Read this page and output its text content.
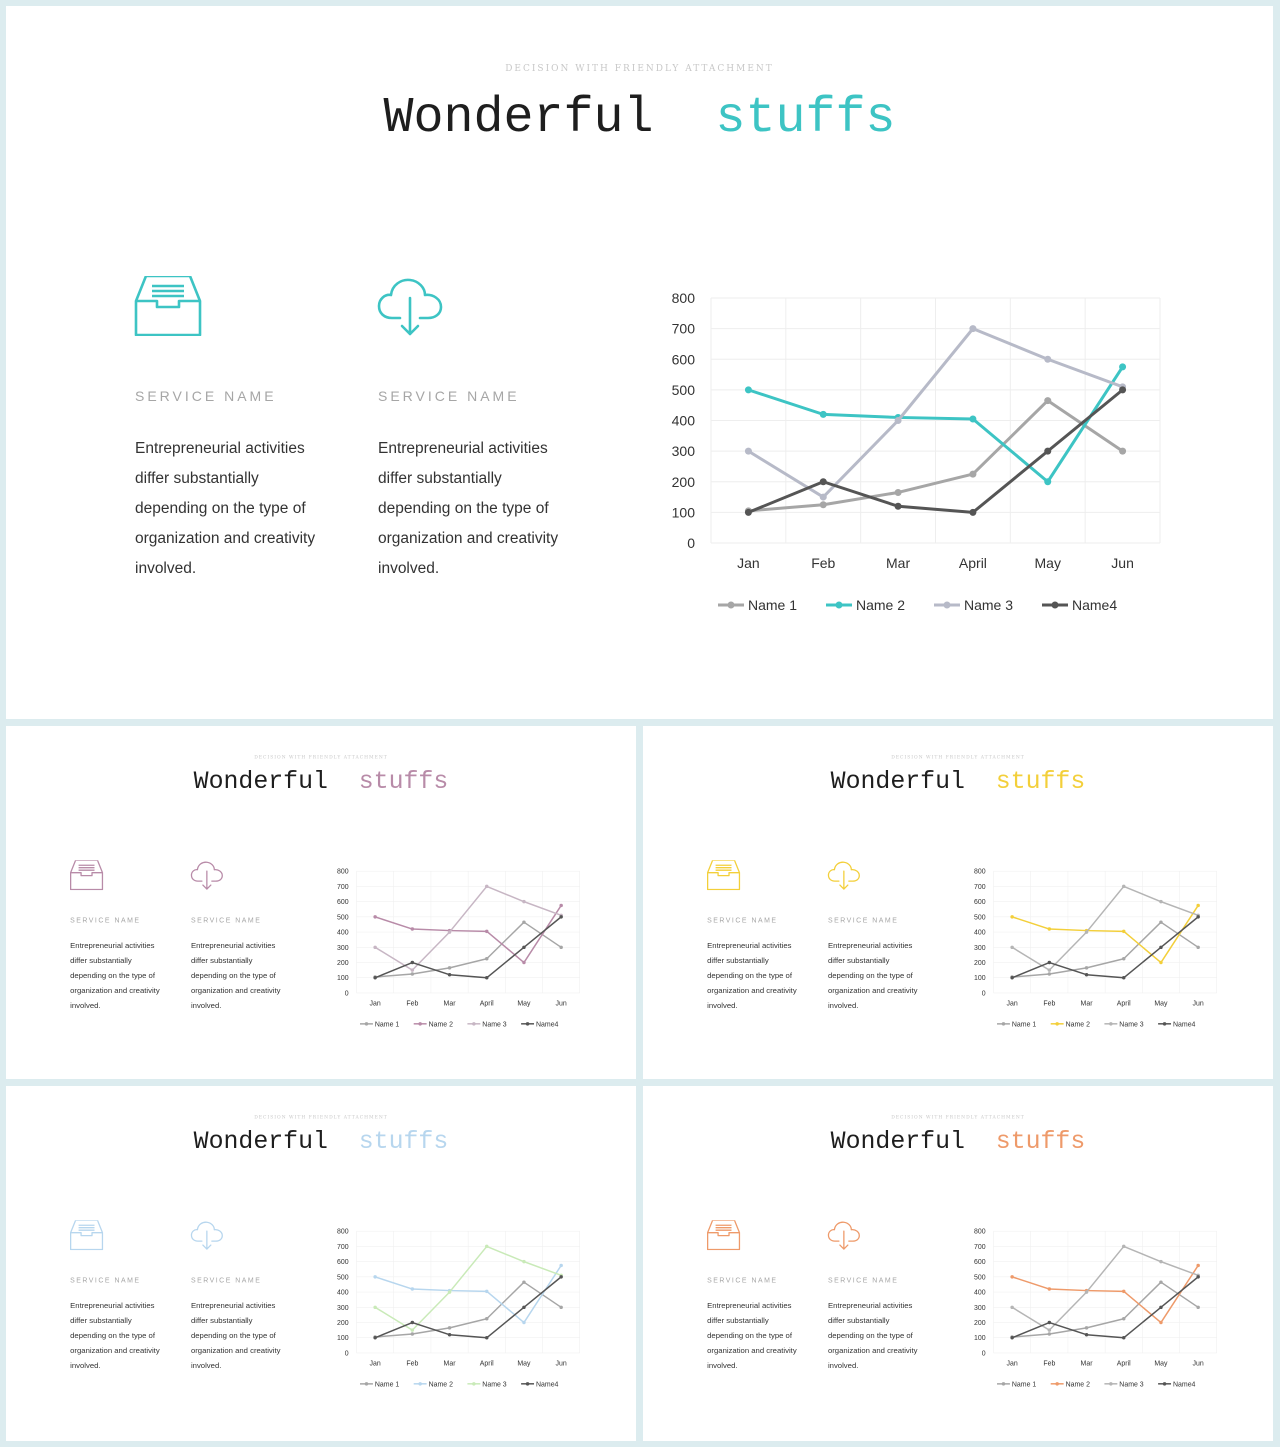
DECISION WITH FRIENDLY ATTACHMENT
Wonderful stuffs
SERVICE NAME
Entrepreneurial activities differ substantially depending on the type of organization and creativity involved.
SERVICE NAME
Entrepreneurial activities differ substantially depending on the type of organization and creativity involved.
0
100
200
300
400
500
600
700
800
Jan	Feb	Mar	April	May	Jun
Name 1	Name 2	Name 3	Name4
DECISION WITH FRIENDLY ATTACHMENT
Wonderful stuffs
SERVICE NAME
Entrepreneurial activities differ substantially depending on the type of organization and creativity involved.
SERVICE NAME
Entrepreneurial activities differ substantially depending on the type of organization and creativity involved.
0
100
200
300
400
500
600
700
800
Jan Feb Mar April May Jun
Name 1 Name 2 Name 3 Name4
DECISION WITH FRIENDLY ATTACHMENT
Wonderful stuffs
SERVICE NAME
Entrepreneurial activities differ substantially depending on the type of organization and creativity involved.
SERVICE NAME
Entrepreneurial activities differ substantially depending on the type of organization and creativity involved.
0
100
200
300
400
500
600
700
800
Jan Feb Mar April May Jun
Name 1 Name 2 Name 3 Name4
DECISION WITH FRIENDLY ATTACHMENT
Wonderful stuffs
SERVICE NAME
Entrepreneurial activities differ substantially depending on the type of organization and creativity involved.
SERVICE NAME
Entrepreneurial activities differ substantially depending on the type of organization and creativity involved.
0
100
200
300
400
500
600
700
800
Jan Feb Mar April May Jun
Name 1 Name 2 Name 3 Name4
DECISION WITH FRIENDLY ATTACHMENT
Wonderful stuffs
SERVICE NAME
Entrepreneurial activities differ substantially depending on the type of organization and creativity involved.
SERVICE NAME
Entrepreneurial activities differ substantially depending on the type of organization and creativity involved.
0
100
200
300
400
500
600
700
800
Jan Feb Mar April May Jun
Name 1 Name 2 Name 3 Name4
